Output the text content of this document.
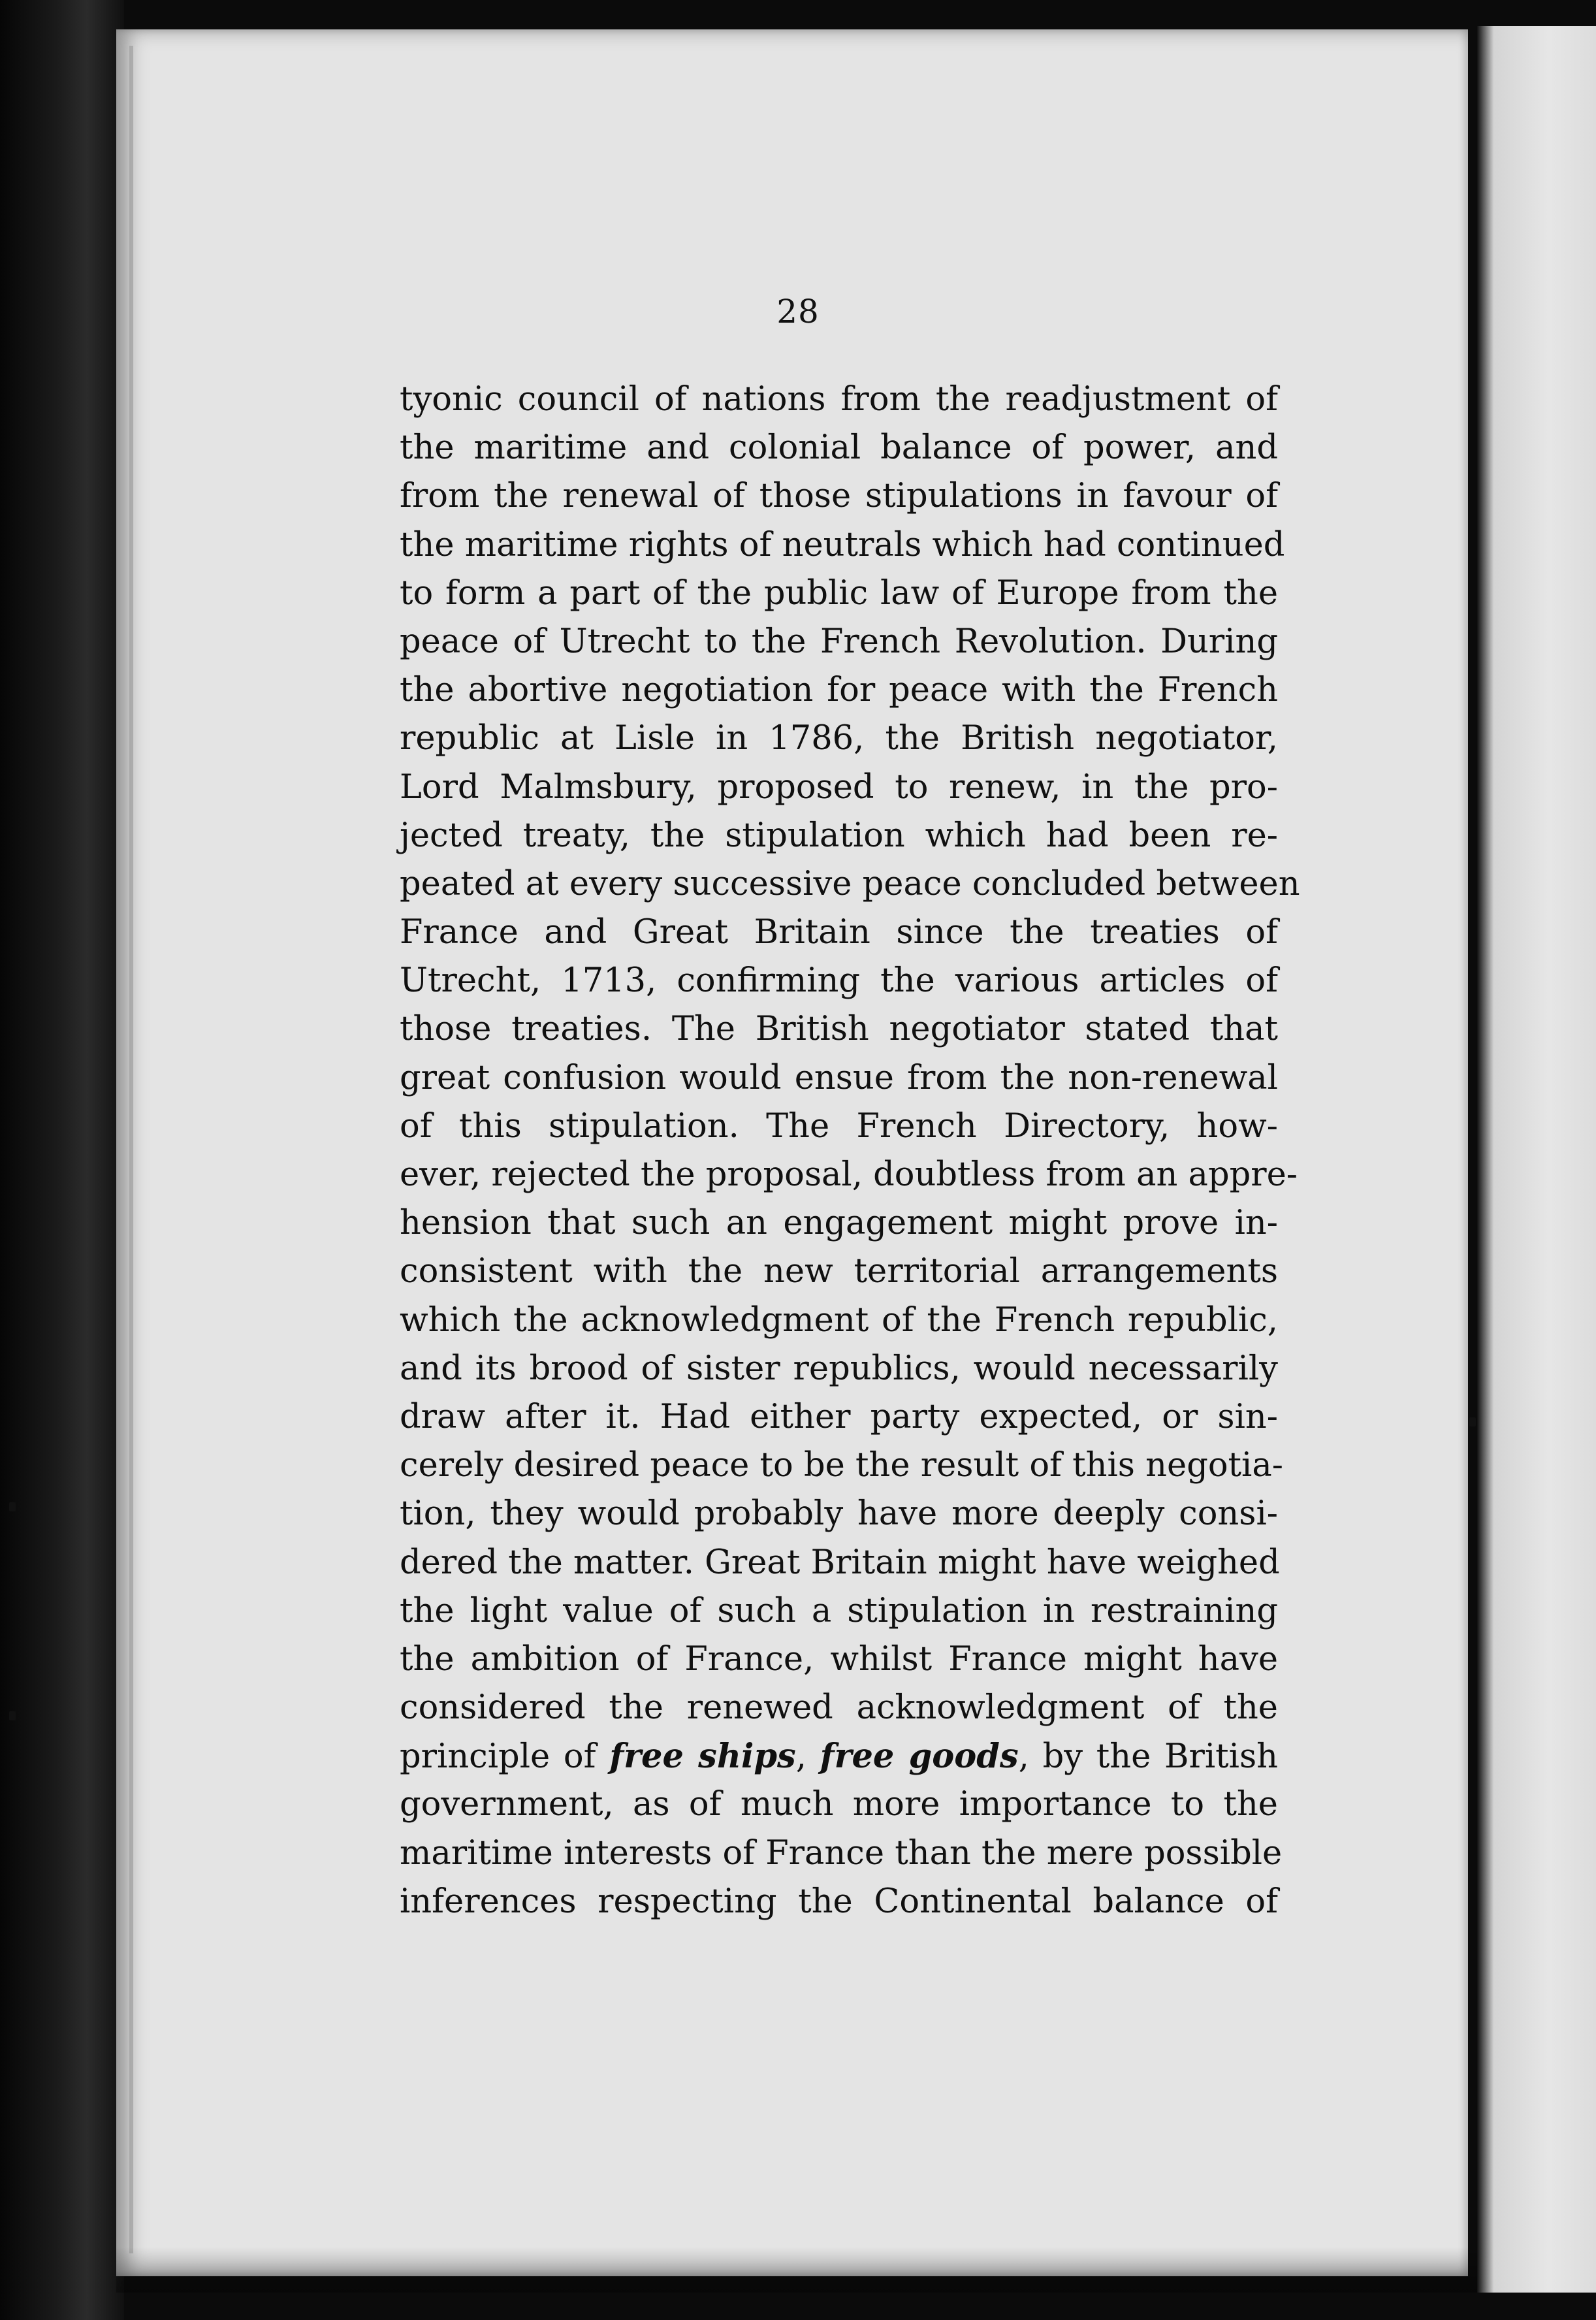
28
tyonic council of nations from the readjustment of
the maritime and colonial balance of power, and
from the renewal of those stipulations in favour of
the maritime rights of neutrals which had continued
to form a part of the public law of Europe from the
peace of Utrecht to the French Revolution. During
the abortive negotiation for peace with the French
republic at Lisle in 1786, the British negotiator,
Lord Malmsbury, proposed to renew, in the pro-
jected treaty, the stipulation which had been re-
peated at every successive peace concluded between
France and Great Britain since the treaties of
Utrecht, 1713, confirming the various articles of
those treaties. The British negotiator stated that
great confusion would ensue from the non-renewal
of this stipulation. The French Directory, how-
ever, rejected the proposal, doubtless from an appre-
hension that such an engagement might prove in-
consistent with the new territorial arrangements
which the acknowledgment of the French republic,
and its brood of sister republics, would necessarily
draw after it. Had either party expected, or sin-
cerely desired peace to be the result of this negotia-
tion, they would probably have more deeply consi-
dered the matter. Great Britain might have weighed
the light value of such a stipulation in restraining
the ambition of France, whilst France might have
considered the renewed acknowledgment of the
principle of free ships, free goods, by the British
government, as of much more importance to the
maritime interests of France than the mere possible
inferences respecting the Continental balance of
